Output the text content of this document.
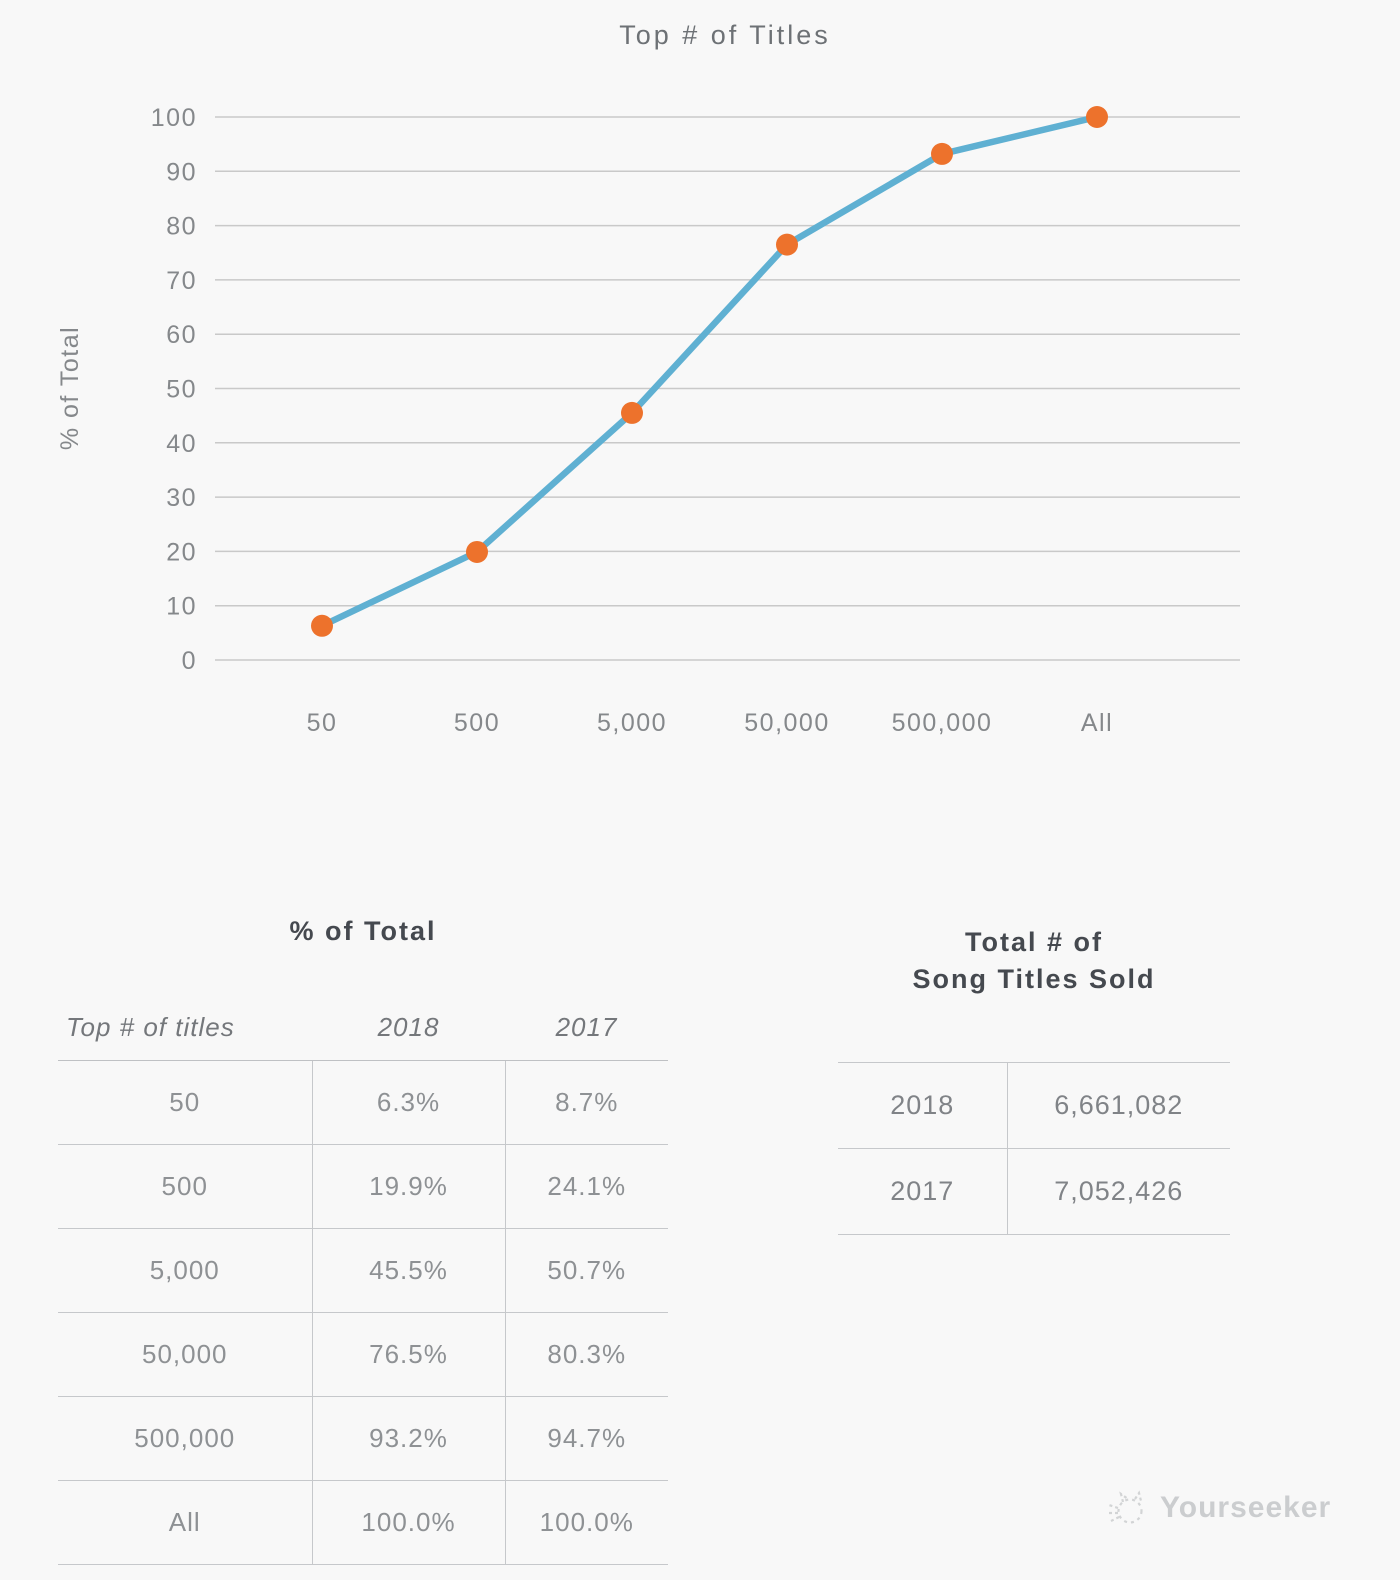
0
10
20
30
40
50
60
70
80
90
100
50	500	5,000	50,000 500,000	All
Top # of Titles
% of Total
% of Total
Top # of titles	2018	2017
50	6.3%	8.7%
500	19.9%	24.1%
5,000	45.5%	50.7%
50,000	76.5%	80.3%
500,000	93.2%	94.7%
All	100.0%	100.0%
Total # of
Song Titles Sold
2018	6,661,082
2017	7,052,426
Yourseeker
